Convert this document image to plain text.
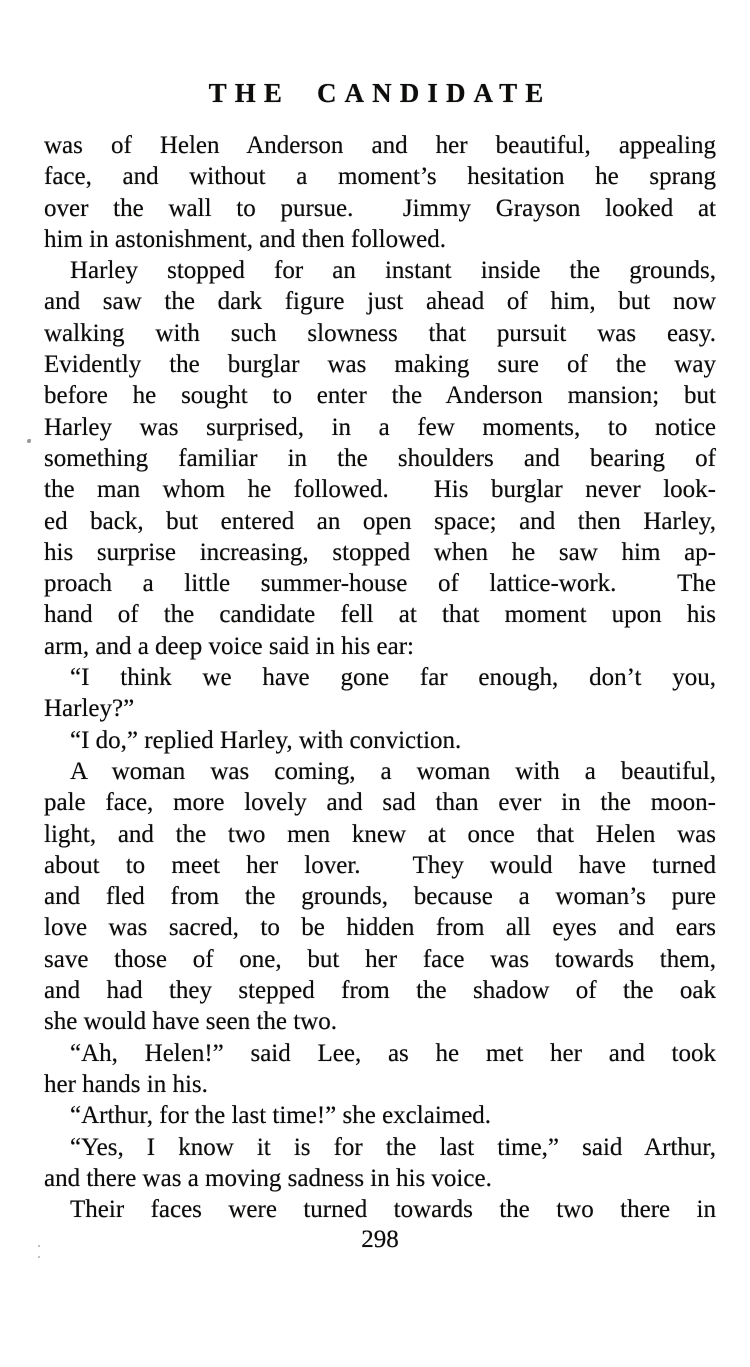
THE CANDIDATE
was of Helen Anderson and her beautiful, appealing
face, and without a moment’s hesitation he sprang
over the wall to pursue.  Jimmy Grayson looked at
him in astonishment, and then followed.
Harley stopped for an instant inside the grounds,
and saw the dark figure just ahead of him, but now
walking with such slowness that pursuit was easy.
Evidently the burglar was making sure of the way
before he sought to enter the Anderson mansion; but
Harley was surprised, in a few moments, to notice
something familiar in the shoulders and bearing of
the man whom he followed.  His burglar never look-
ed back, but entered an open space; and then Harley,
his surprise increasing, stopped when he saw him ap-
proach a little summer-house of lattice-work.  The
hand of the candidate fell at that moment upon his
arm, and a deep voice said in his ear:
“I think we have gone far enough, don’t you,
Harley?”
“I do,” replied Harley, with conviction.
A woman was coming, a woman with a beautiful,
pale face, more lovely and sad than ever in the moon-
light, and the two men knew at once that Helen was
about to meet her lover.  They would have turned
and fled from the grounds, because a woman’s pure
love was sacred, to be hidden from all eyes and ears
save those of one, but her face was towards them,
and had they stepped from the shadow of the oak
she would have seen the two.
“Ah, Helen!” said Lee, as he met her and took
her hands in his.
“Arthur, for the last time!” she exclaimed.
“Yes, I know it is for the last time,” said Arthur,
and there was a moving sadness in his voice.
Their faces were turned towards the two there in
298
